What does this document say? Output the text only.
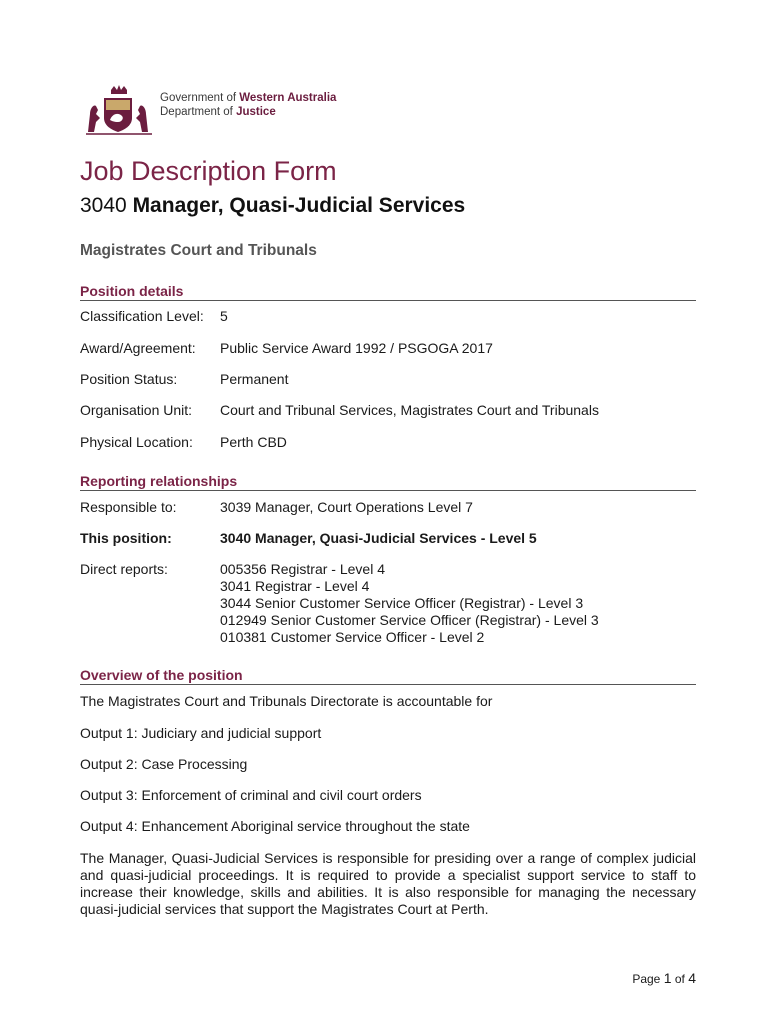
Government of Western Australia
Department of Justice
Job Description Form
3040 Manager, Quasi-Judicial Services
Magistrates Court and Tribunals
Position details
Classification Level: 5
Award/Agreement: Public Service Award 1992 / PSGOGA 2017
Position Status:	Permanent
Organisation Unit: Court and Tribunal Services, Magistrates Court and Tribunals
Physical Location: Perth CBD
Reporting relationships
Responsible to:	3039 Manager, Court Operations Level 7
This position:	3040 Manager, Quasi-Judicial Services - Level 5
Direct reports:	005356 Registrar - Level 4
3041 Registrar - Level 4
3044 Senior Customer Service Officer (Registrar) - Level 3
012949 Senior Customer Service Officer (Registrar) - Level 3
010381 Customer Service Officer - Level 2
Overview of the position
The Magistrates Court and Tribunals Directorate is accountable for
Output 1: Judiciary and judicial support
Output 2: Case Processing
Output 3: Enforcement of criminal and civil court orders
Output 4: Enhancement Aboriginal service throughout the state
The Manager, Quasi-Judicial Services is responsible for presiding over a range of complex judicial and quasi-judicial proceedings. It is required to provide a specialist support service to staff to increase their knowledge, skills and abilities. It is also responsible for managing the necessary quasi-judicial services that support the Magistrates Court at Perth.
Page 1 of 4
